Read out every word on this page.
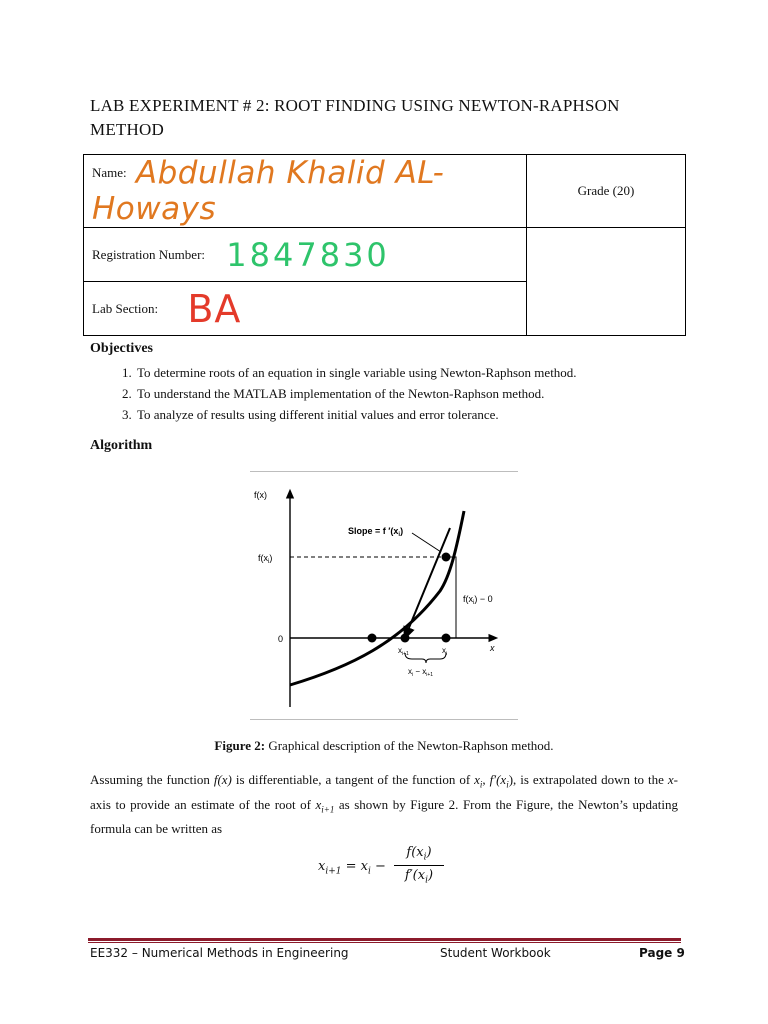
LAB EXPERIMENT # 2: ROOT FINDING USING NEWTON-RAPHSON METHOD
Name: Abdullah Khalid AL-Howays	Grade (20)
Registration Number: 1847830	
Lab Section: BA	
Objectives
1. To determine roots of an equation in single variable using Newton-Raphson method.
2. To understand the MATLAB implementation of the Newton-Raphson method.
3. To analyze of results using different initial values and error tolerance.
Algorithm
f(x)
$f(x_i)$
Slope = f $'(x_i)$
$f(x_i) - 0$
0
x
$x_{i+1}$	$x_i$
$x_i - x_{i+1}$
Figure 2: Graphical description of the Newton-Raphson method.
Assuming the function f(x) is differentiable, a tangent of the function of $x_i$, $f'(x_i)$, is extrapolated down to the x-axis to provide an estimate of the root of $x_{i+1}$ as shown by Figure 2. From the Figure, the Newton’s updating formula can be written as
$x_{i+1} = x_i - \frac{f(x_i)}{f'(x_i)}$
EE332 – Numerical Methods in Engineering	Student Workbook	Page 9
